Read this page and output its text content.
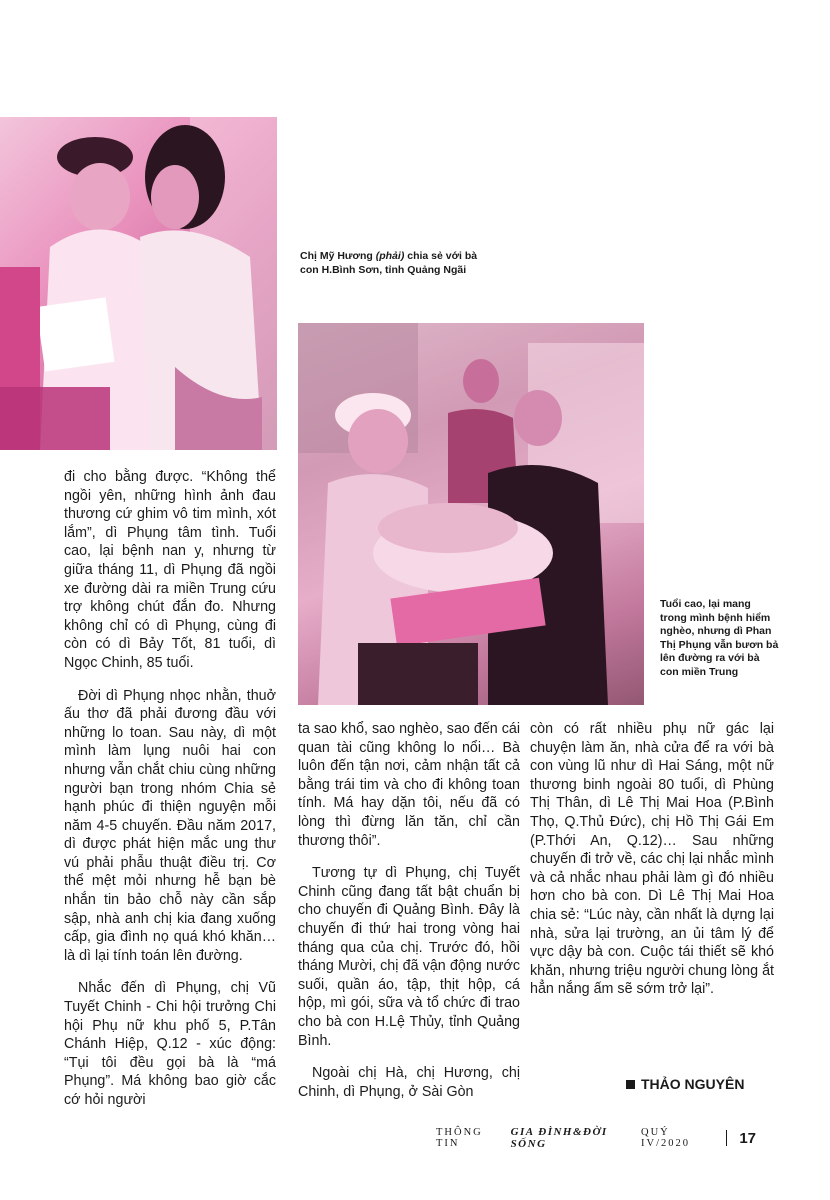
Chị Mỹ Hương (phải) chia sẻ với bà con H.Bình Sơn, tỉnh Quảng Ngãi
Tuổi cao, lại mang trong mình bệnh hiểm nghèo, nhưng dì Phan Thị Phụng vẫn bươn bả lên đường ra với bà con miền Trung

đi cho bằng được. “Không thể ngồi yên, những hình ảnh đau thương cứ ghim vô tim mình, xót lắm”, dì Phụng tâm tình. Tuổi cao, lại bệnh nan y, nhưng từ giữa tháng 11, dì Phụng đã ngồi xe đường dài ra miền Trung cứu trợ không chút đắn đo. Nhưng không chỉ có dì Phụng, cùng đi còn có dì Bảy Tốt, 81 tuổi, dì Ngọc Chinh, 85 tuổi.

Đời dì Phụng nhọc nhằn, thuở ấu thơ đã phải đương đầu với những lo toan. Sau này, dì một mình làm lụng nuôi hai con nhưng vẫn chắt chiu cùng những người bạn trong nhóm Chia sẻ hạnh phúc đi thiện nguyện mỗi năm 4-5 chuyến. Đầu năm 2017, dì được phát hiện mắc ung thư vú phải phẫu thuật điều trị. Cơ thể mệt mỏi nhưng hễ bạn bè nhắn tin bảo chỗ này cần sắp sập, nhà anh chị kia đang xuống cấp, gia đình nọ quá khó khăn… là dì lại tính toán lên đường.

Nhắc đến dì Phụng, chị Vũ Tuyết Chinh - Chi hội trưởng Chi hội Phụ nữ khu phố 5, P.Tân Chánh Hiệp, Q.12 - xúc động: “Tụi tôi đều gọi bà là “má Phụng”. Má không bao giờ cắc cớ hỏi người

ta sao khổ, sao nghèo, sao đến cái quan tài cũng không lo nổi… Bà luôn đến tận nơi, cảm nhận tất cả bằng trái tim và cho đi không toan tính. Má hay dặn tôi, nếu đã có lòng thì đừng lăn tăn, chỉ cần thương thôi”.

Tương tự dì Phụng, chị Tuyết Chinh cũng đang tất bật chuẩn bị cho chuyến đi Quảng Bình. Đây là chuyến đi thứ hai trong vòng hai tháng qua của chị. Trước đó, hồi tháng Mười, chị đã vận động nước suối, quần áo, tập, thịt hộp, cá hộp, mì gói, sữa và tổ chức đi trao cho bà con H.Lệ Thủy, tỉnh Quảng Bình.

Ngoài chị Hà, chị Hương, chị Chinh, dì Phụng, ở Sài Gòn

còn có rất nhiều phụ nữ gác lại chuyện làm ăn, nhà cửa để ra với bà con vùng lũ như dì Hai Sáng, một nữ thương binh ngoài 80 tuổi, dì Phùng Thị Thân, dì Lê Thị Mai Hoa (P.Bình Thọ, Q.Thủ Đức), chị Hồ Thị Gái Em (P.Thới An, Q.12)… Sau những chuyến đi trở về, các chị lại nhắc mình và cả nhắc nhau phải làm gì đó nhiều hơn cho bà con. Dì Lê Thị Mai Hoa chia sẻ: “Lúc này, cần nhất là dựng lại nhà, sửa lại trường, an ủi tâm lý để vực dậy bà con. Cuộc tái thiết sẽ khó khăn, nhưng triệu người chung lòng ắt hẳn nắng ấm sẽ sớm trở lại”.

THẢO NGUYÊN
THÔNG TIN
GIA ĐÌNH&ĐỜI SỐNG
QUÝ IV/2020	17
